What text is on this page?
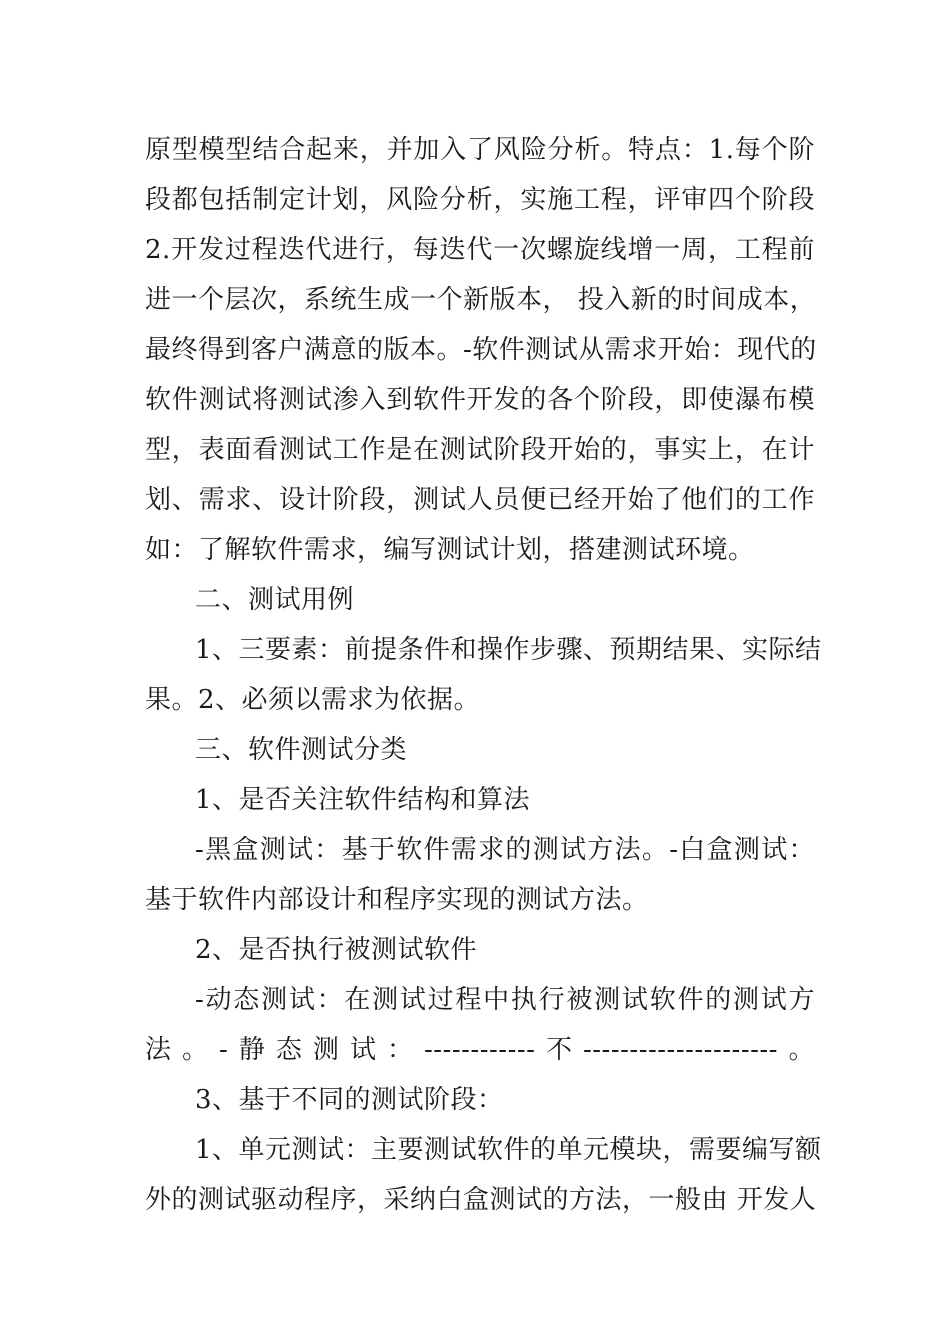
原型模型结合起来，并加入了风险分析。特点：1.每个阶
段都包括制定计划，风险分析，实施工程，评审四个阶段
2.开发过程迭代进行，每迭代一次螺旋线增一周，工程前
进一个层次，系统生成一个新版本， 投入新的时间成本，
最终得到客户满意的版本。-软件测试从需求开始：现代的
软件测试将测试渗入到软件开发的各个阶段，即使瀑布模
型，表面看测试工作是在测试阶段开始的，事实上，在计
划、需求、设计阶段，测试人员便已经开始了他们的工作
如：了解软件需求，编写测试计划，搭建测试环境。
二、测试用例
1、三要素：前提条件和操作步骤、预期结果、实际结
果。2、必须以需求为依据。
三、软件测试分类
1、是否关注软件结构和算法
-黑盒测试：基于软件需求的测试方法。-白盒测试：
基于软件内部设计和程序实现的测试方法。
2、是否执行被测试软件
-动态测试：在测试过程中执行被测试软件的测试方
法。-静态测试：------------不---------------------。
3、基于不同的测试阶段：
1、单元测试：主要测试软件的单元模块，需要编写额
外的测试驱动程序，采纳白盒测试的方法，一般由 开发人
